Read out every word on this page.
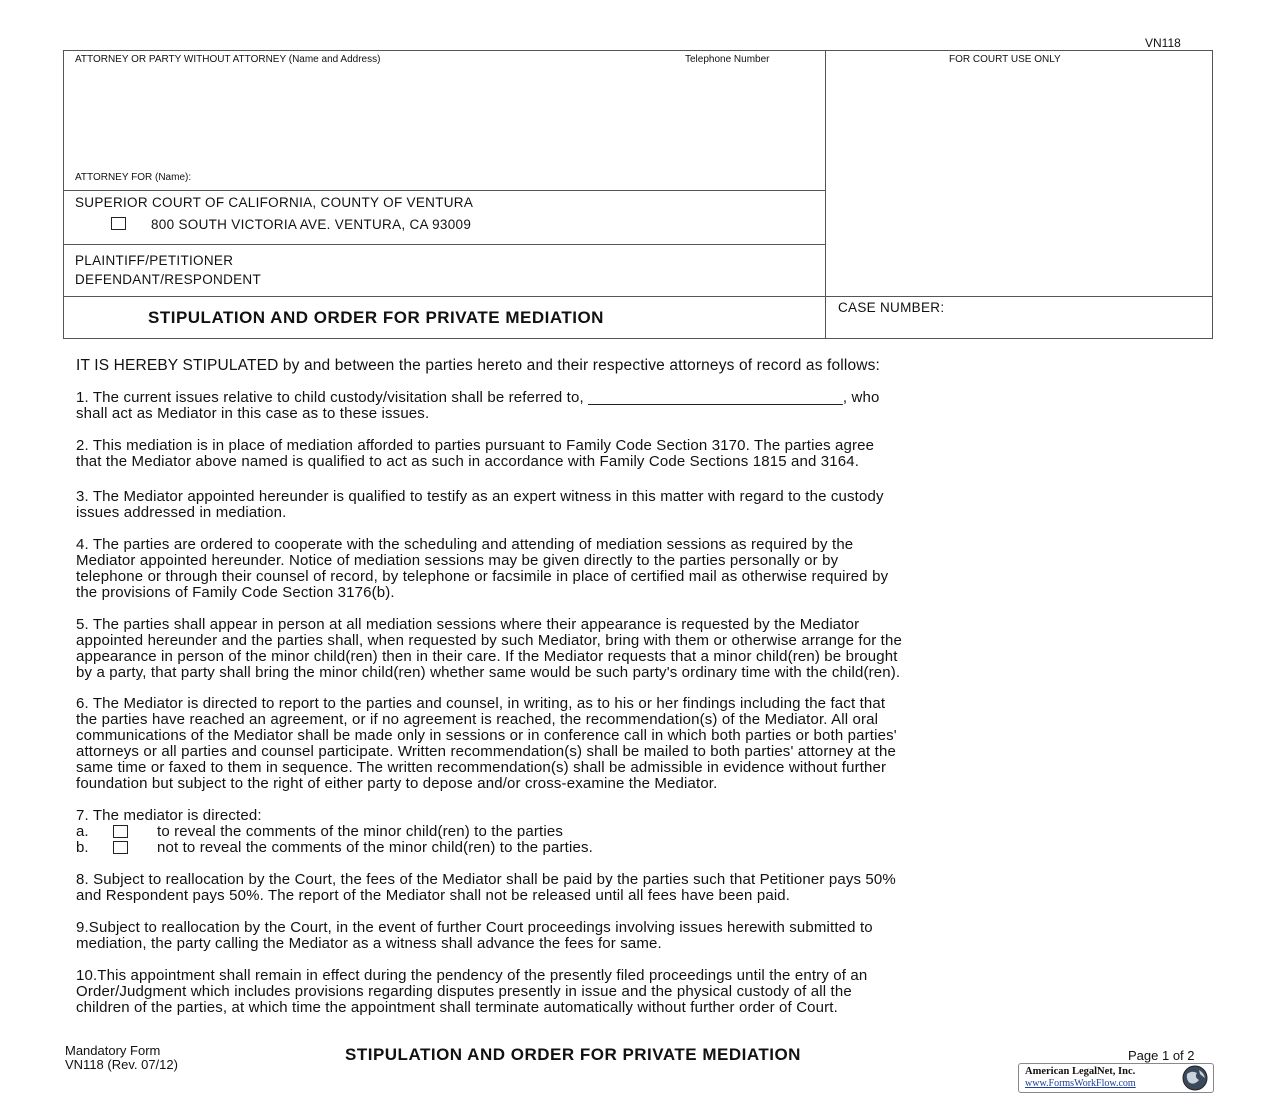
VN118
ATTORNEY OR PARTY WITHOUT ATTORNEY (Name and Address)	Telephone Number	FOR COURT USE ONLY
ATTORNEY FOR (Name):
SUPERIOR COURT OF CALIFORNIA, COUNTY OF VENTURA
800 SOUTH VICTORIA AVE. VENTURA, CA 93009
PLAINTIFF/PETITIONER
DEFENDANT/RESPONDENT
STIPULATION AND ORDER FOR PRIVATE MEDIATION
CASE NUMBER:
IT IS HEREBY STIPULATED by and between the parties hereto and their respective attorneys of record as follows:
1. The current issues relative to child custody/visitation shall be referred to, ______________________________, who
shall act as Mediator in this case as to these issues.
2. This mediation is in place of mediation afforded to parties pursuant to Family Code Section 3170. The parties agree
that the Mediator above named is qualified to act as such in accordance with Family Code Sections 1815 and 3164.
3. The Mediator appointed hereunder is qualified to testify as an expert witness in this matter with regard to the custody
issues addressed in mediation.
4. The parties are ordered to cooperate with the scheduling and attending of mediation sessions as required by the
Mediator appointed hereunder. Notice of mediation sessions may be given directly to the parties personally or by
telephone or through their counsel of record, by telephone or facsimile in place of certified mail as otherwise required by
the provisions of Family Code Section 3176(b).
5. The parties shall appear in person at all mediation sessions where their appearance is requested by the Mediator
appointed hereunder and the parties shall, when requested by such Mediator, bring with them or otherwise arrange for the
appearance in person of the minor child(ren) then in their care. If the Mediator requests that a minor child(ren) be brought
by a party, that party shall bring the minor child(ren) whether same would be such party's ordinary time with the child(ren).
6. The Mediator is directed to report to the parties and counsel, in writing, as to his or her findings including the fact that
the parties have reached an agreement, or if no agreement is reached, the recommendation(s) of the Mediator. All oral
communications of the Mediator shall be made only in sessions or in conference call in which both parties or both parties'
attorneys or all parties and counsel participate. Written recommendation(s) shall be mailed to both parties' attorney at the
same time or faxed to them in sequence. The written recommendation(s) shall be admissible in evidence without further
foundation but subject to the right of either party to depose and/or cross-examine the Mediator.
7. The mediator is directed:
a.	to reveal the comments of the minor child(ren) to the parties
b.	not to reveal the comments of the minor child(ren) to the parties.
8. Subject to reallocation by the Court, the fees of the Mediator shall be paid by the parties such that Petitioner pays 50%
and Respondent pays 50%. The report of the Mediator shall not be released until all fees have been paid.
9.Subject to reallocation by the Court, in the event of further Court proceedings involving issues herewith submitted to
mediation, the party calling the Mediator as a witness shall advance the fees for same.
10.This appointment shall remain in effect during the pendency of the presently filed proceedings until the entry of an
Order/Judgment which includes provisions regarding disputes presently in issue and the physical custody of all the
children of the parties, at which time the appointment shall terminate automatically without further order of Court.
Mandatory Form
VN118 (Rev. 07/12)
STIPULATION AND ORDER FOR PRIVATE MEDIATION	Page 1 of 2
American LegalNet, Inc.
www.FormsWorkFlow.com
